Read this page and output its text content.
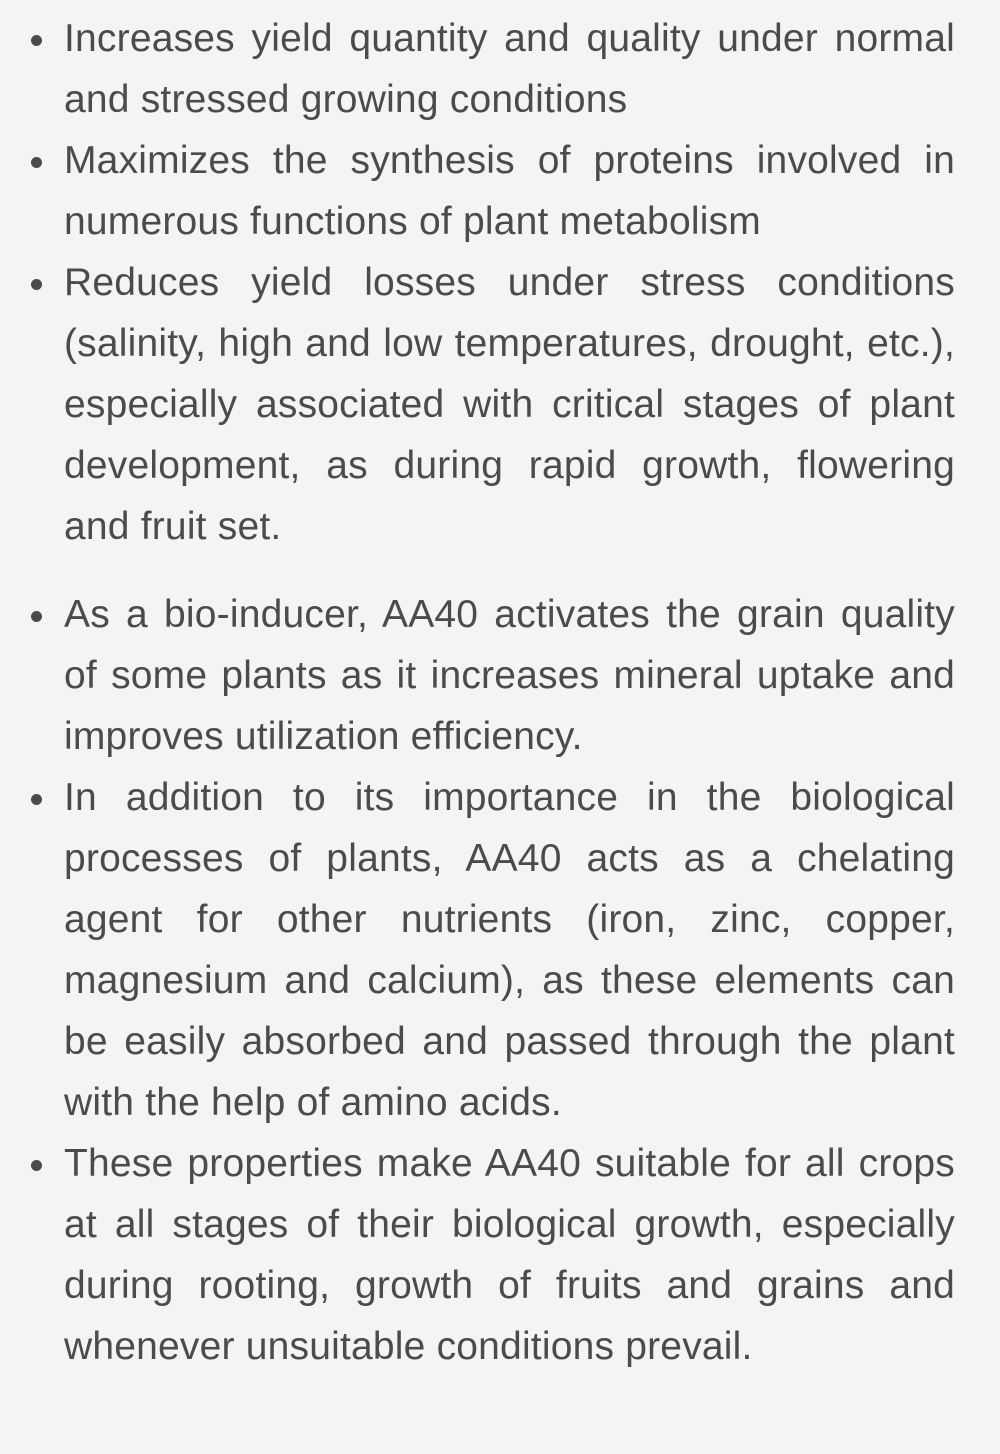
Increases yield quantity and quality under normal and stressed growing conditions
Maximizes the synthesis of proteins involved in numerous functions of plant metabolism
Reduces yield losses under stress conditions (salinity, high and low temperatures, drought, etc.), especially associated with critical stages of plant development, as during rapid growth, flowering and fruit set.
As a bio-inducer, AA40 activates the grain quality of some plants as it increases mineral uptake and improves utilization efficiency.
In addition to its importance in the biological processes of plants, AA40 acts as a chelating agent for other nutrients (iron, zinc, copper, magnesium and calcium), as these elements can be easily absorbed and passed through the plant with the help of amino acids.
These properties make AA40 suitable for all crops at all stages of their biological growth, especially during rooting, growth of fruits and grains and whenever unsuitable conditions prevail.
